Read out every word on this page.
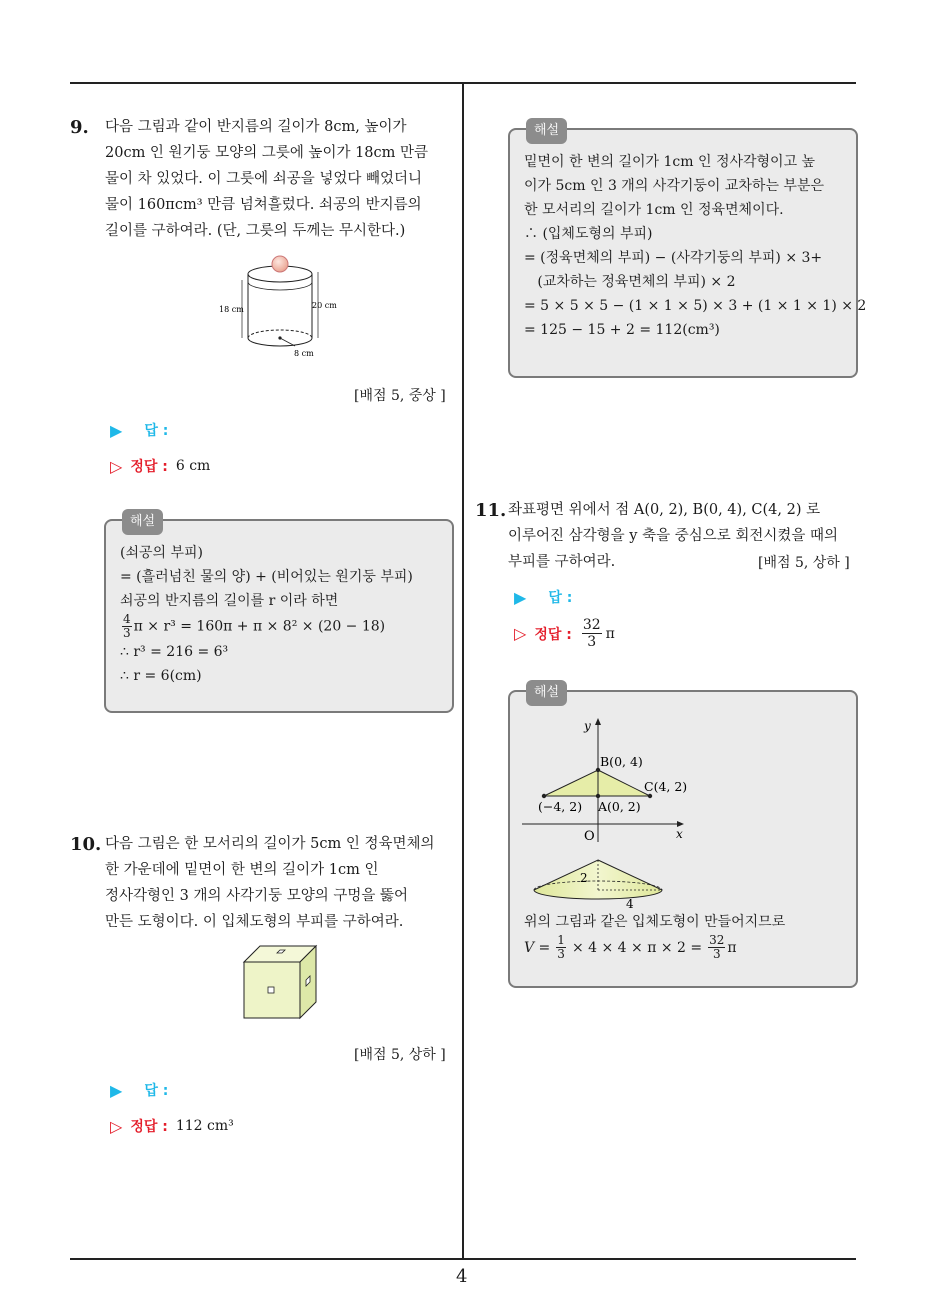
9. 다음 그림과 같이 반지름의 길이가 8cm, 높이가
20cm 인 원기둥 모양의 그릇에 높이가 18cm 만큼
물이 차 있었다. 이 그릇에 쇠공을 넣었다 빼었더니
물이 160πcm³ 만큼 넘쳐흘렀다. 쇠공의 반지름의
길이를 구하여라. (단, 그릇의 두께는 무시한다.)
18 cm	20 cm
8 cm
[배점 5, 중상 ]
▶ 답 :
▷ 정답 : 6 cm
해설
(쇠공의 부피)
= (흘러넘친 물의 양) + (비어있는 원기둥 부피)
쇠공의 반지름의 길이를 r 이라 하면
$\frac{4}{3}$ π × r³ = 160π + π × 8² × (20 − 18)
∴ r³ = 216 = 6³
∴ r = 6(cm)
10. 다음 그림은 한 모서리의 길이가 5cm 인 정육면체의
한 가운데에 밑면이 한 변의 길이가 1cm 인
정사각형인 3 개의 사각기둥 모양의 구멍을 뚫어
만든 도형이다. 이 입체도형의 부피를 구하여라.
[배점 5, 상하 ]
▶ 답 :
▷ 정답 : 112 cm³
해설
밑면이 한 변의 길이가 1cm 인 정사각형이고 높
이가 5cm 인 3 개의 사각기둥이 교차하는 부분은
한 모서리의 길이가 1cm 인 정육면체이다.
∴ (입체도형의 부피)
= (정육면체의 부피) − (사각기둥의 부피) × 3+
(교차하는 정육면체의 부피) × 2
= 5 × 5 × 5 − (1 × 1 × 5) × 3 + (1 × 1 × 1) × 2
= 125 − 15 + 2 = 112(cm³)
11. 좌표평면 위에서 점 A(0, 2), B(0, 4), C(4, 2) 로
이루어진 삼각형을 y 축을 중심으로 회전시켰을 때의
부피를 구하여라.	[배점 5, 상하 ]
▶ 답 :
▷ 정답 : $\frac{32}{3}$ π
해설
y
x
O
B(0, 4)
C(4, 2)
A(0, 2)
(−4, 2)
2
4
위의 그림과 같은 입체도형이 만들어지므로
$V = \frac{1}{3} \times 4 \times 4 \times \pi \times 2 = \frac{32}{3}$ π
4
